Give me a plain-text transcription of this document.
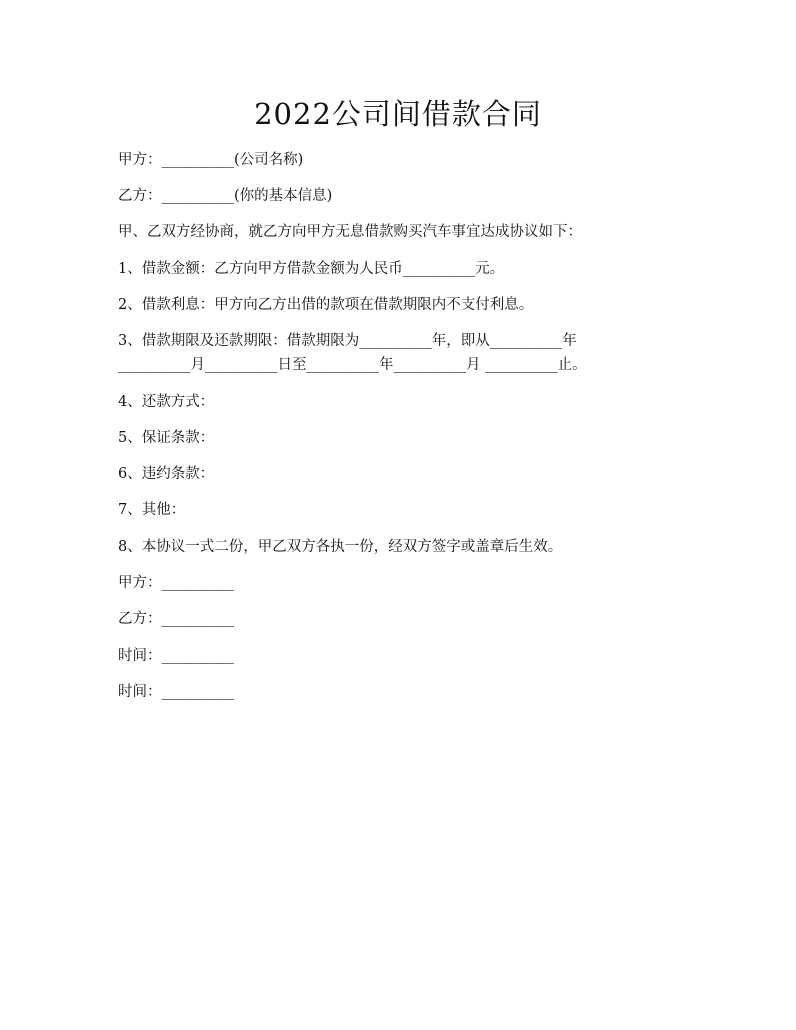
2022公司间借款合同

甲方：__________(公司名称)

乙方：__________(你的基本信息)

甲、乙双方经协商，就乙方向甲方无息借款购买汽车事宜达成协议如下：

1、借款金额：乙方向甲方借款金额为人民币__________元。

2、借款利息：甲方向乙方出借的款项在借款期限内不支付利息。

3、借款期限及还款期限：借款期限为__________年，即从__________年

__________月__________日至__________年__________月 __________止。

4、还款方式：

5、保证条款：

6、违约条款：

7、其他：

8、本协议一式二份，甲乙双方各执一份，经双方签字或盖章后生效。

甲方：__________

乙方：__________

时间：__________

时间：__________
